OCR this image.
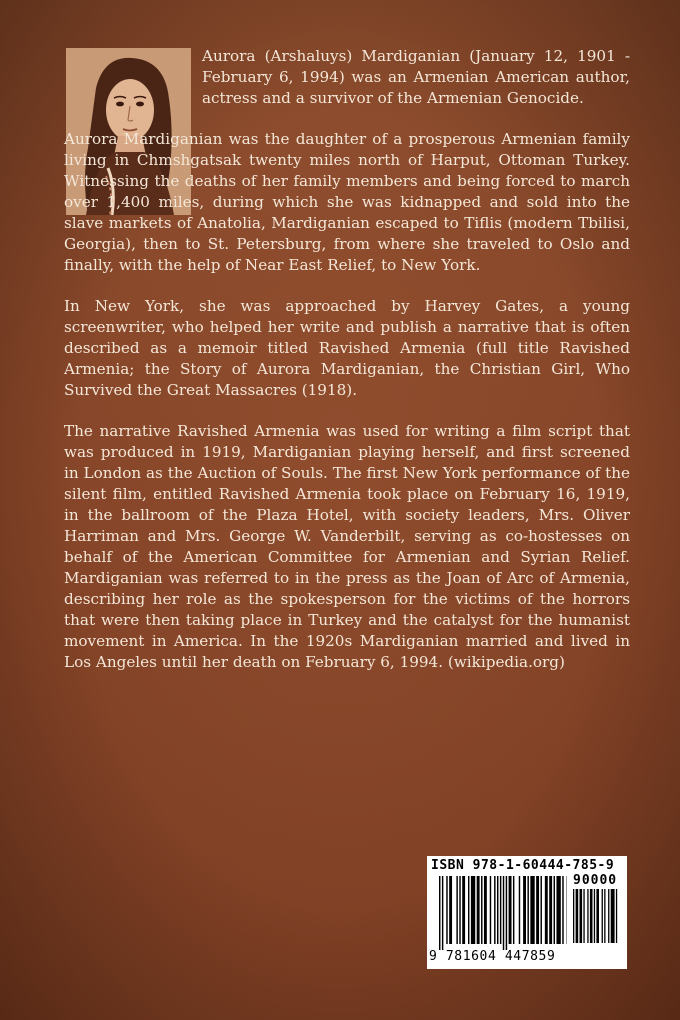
Aurora (Arshaluys) Mardiganian (January 12, 1901 - February 6, 1994) was an Armenian American author, actress and a survivor of the Armenian Genocide.

Aurora Mardiganian was the daughter of a prosperous Armenian family living in Chmshgatsak twenty miles north of Harput, Ottoman Turkey. Witnessing the deaths of her family members and being forced to march over 1,400 miles, during which she was kidnapped and sold into the slave markets of Anatolia, Mardiganian escaped to Tiflis (modern Tbilisi, Georgia), then to St. Petersburg, from where she traveled to Oslo and finally, with the help of Near East Relief, to New York.

In New York, she was approached by Harvey Gates, a young screenwriter, who helped her write and publish a narrative that is often described as a memoir titled Ravished Armenia (full title Ravished Armenia; the Story of Aurora Mardiganian, the Christian Girl, Who Survived the Great Massacres (1918).

The narrative Ravished Armenia was used for writing a film script that was produced in 1919, Mardiganian playing herself, and first screened in London as the Auction of Souls. The first New York performance of the silent film, entitled Ravished Armenia took place on February 16, 1919, in the ballroom of the Plaza Hotel, with society leaders, Mrs. Oliver Harriman and Mrs. George W. Vanderbilt, serving as co-hostesses on behalf of the American Committee for Armenian and Syrian Relief. Mardiganian was referred to in the press as the Joan of Arc of Armenia, describing her role as the spokesperson for the victims of the horrors that were then taking place in Turkey and the catalyst for the humanist movement in America. In the 1920s Mardiganian married and lived in Los Angeles until her death on February 6, 1994. (wikipedia.org)

ISBN 978-1-60444-785-9
90000
9 781604 447859
